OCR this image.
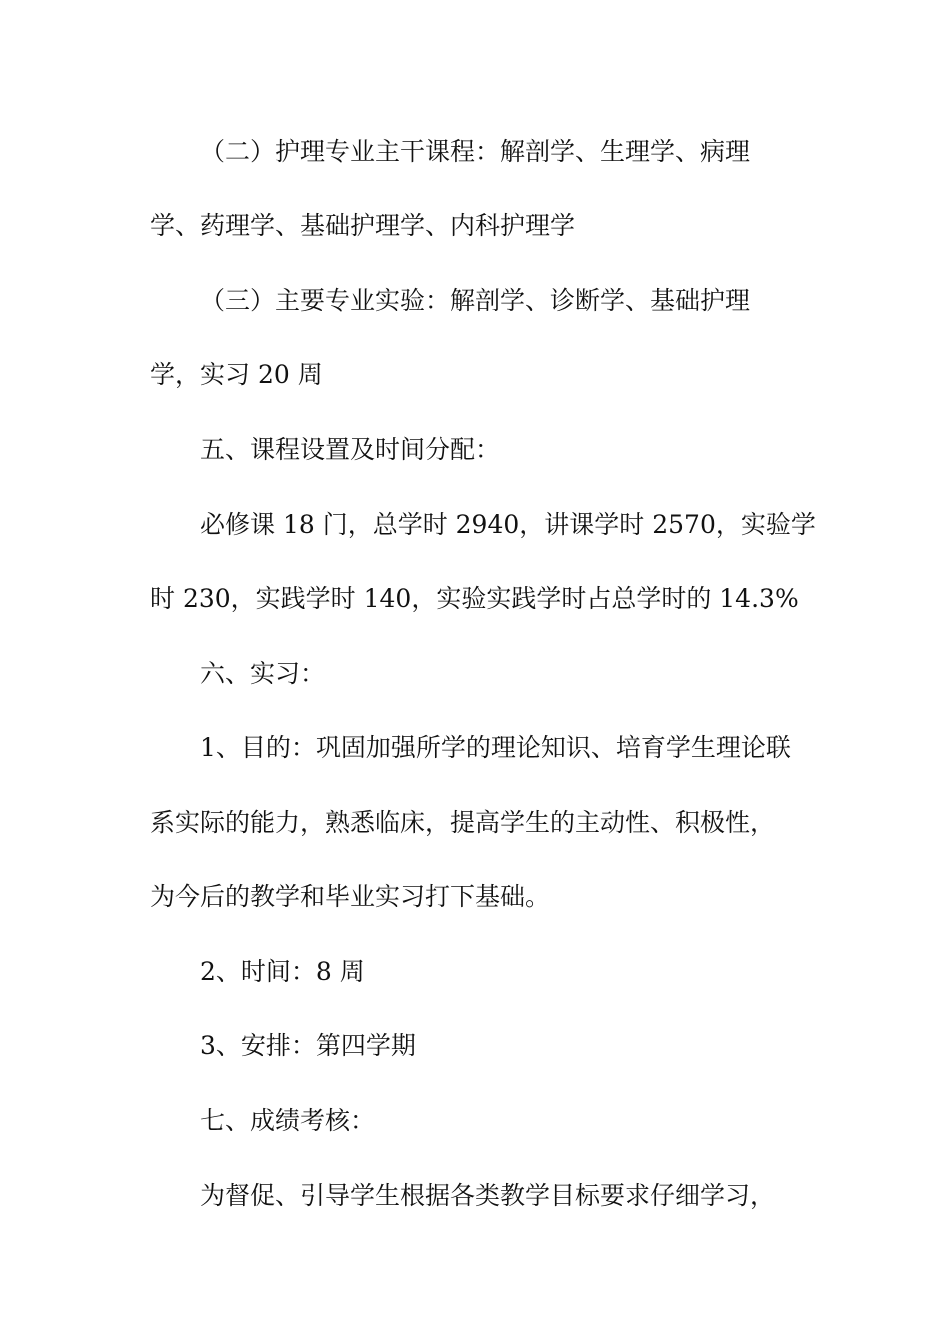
（二）护理专业主干课程：解剖学、生理学、病理
学、药理学、基础护理学、内科护理学
（三）主要专业实验：解剖学、诊断学、基础护理
学，实习 20 周
五、课程设置及时间分配：
必修课 18 门，总学时 2940，讲课学时 2570，实验学
时 230，实践学时 140，实验实践学时占总学时的 14.3%
六、实习：
1、目的：巩固加强所学的理论知识、培育学生理论联
系实际的能力，熟悉临床，提高学生的主动性、积极性，
为今后的教学和毕业实习打下基础。
2、时间：8 周
3、安排：第四学期
七、成绩考核：
为督促、引导学生根据各类教学目标要求仔细学习，
